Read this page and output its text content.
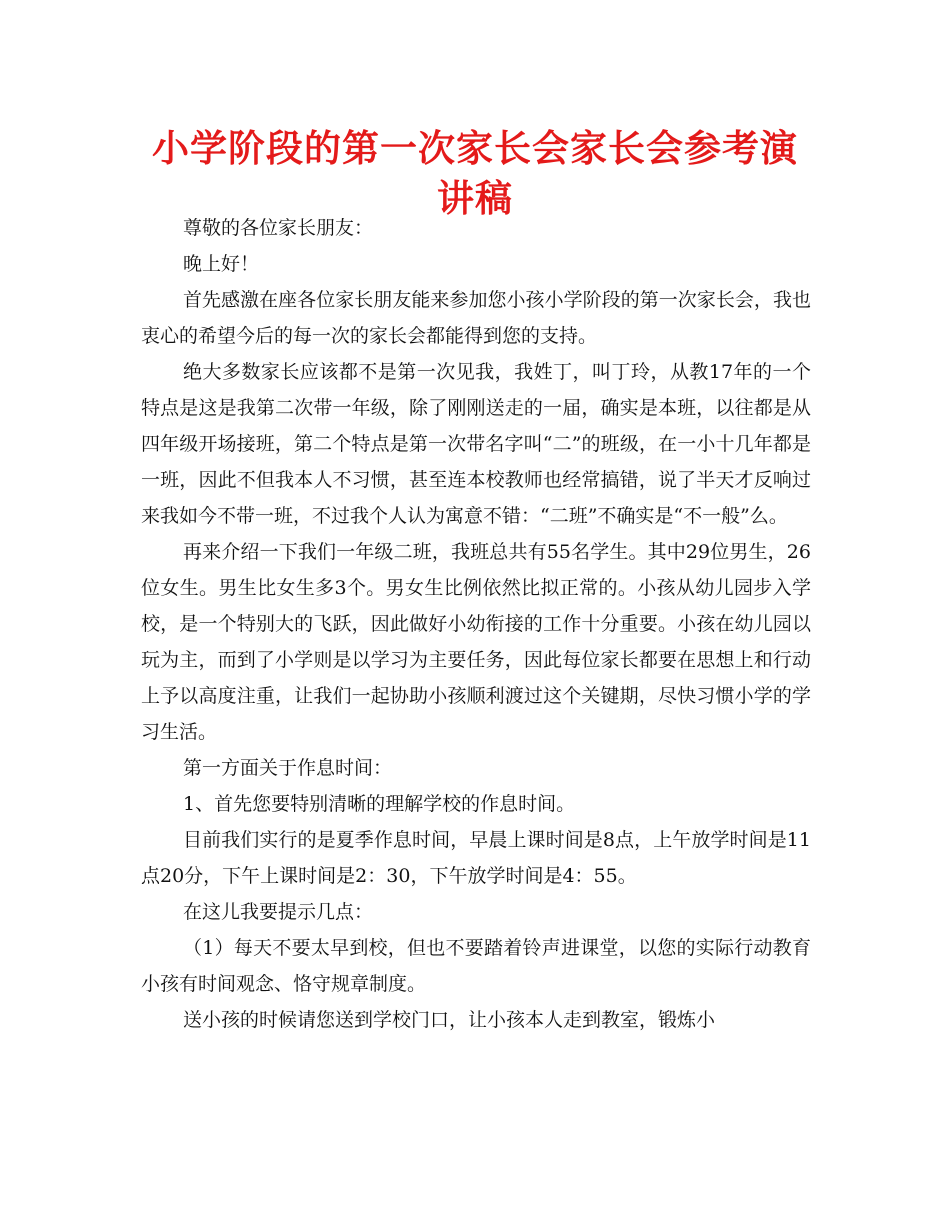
小学阶段的第一次家长会家长会参考演讲稿

尊敬的各位家长朋友：

晚上好！

首先感激在座各位家长朋友能来参加您小孩小学阶段的第一次家长会，我也衷心的希望今后的每一次的家长会都能得到您的支持。

绝大多数家长应该都不是第一次见我，我姓丁，叫丁玲，从教17年的一个特点是这是我第二次带一年级，除了刚刚送走的一届，确实是本班，以往都是从四年级开场接班，第二个特点是第一次带名字叫“二”的班级，在一小十几年都是一班，因此不但我本人不习惯，甚至连本校教师也经常搞错，说了半天才反响过来我如今不带一班，不过我个人认为寓意不错：“二班”不确实是“不一般”么。

再来介绍一下我们一年级二班，我班总共有55名学生。其中29位男生，26位女生。男生比女生多3个。男女生比例依然比拟正常的。小孩从幼儿园步入学校，是一个特别大的飞跃，因此做好小幼衔接的工作十分重要。小孩在幼儿园以玩为主，而到了小学则是以学习为主要任务，因此每位家长都要在思想上和行动上予以高度注重，让我们一起协助小孩顺利渡过这个关键期，尽快习惯小学的学习生活。

第一方面关于作息时间：

1、首先您要特别清晰的理解学校的作息时间。

目前我们实行的是夏季作息时间，早晨上课时间是8点，上午放学时间是11点20分，下午上课时间是2：30，下午放学时间是4：55。

在这儿我要提示几点：

（1）每天不要太早到校，但也不要踏着铃声进课堂，以您的实际行动教育小孩有时间观念、恪守规章制度。

送小孩的时候请您送到学校门口，让小孩本人走到教室，锻炼小
